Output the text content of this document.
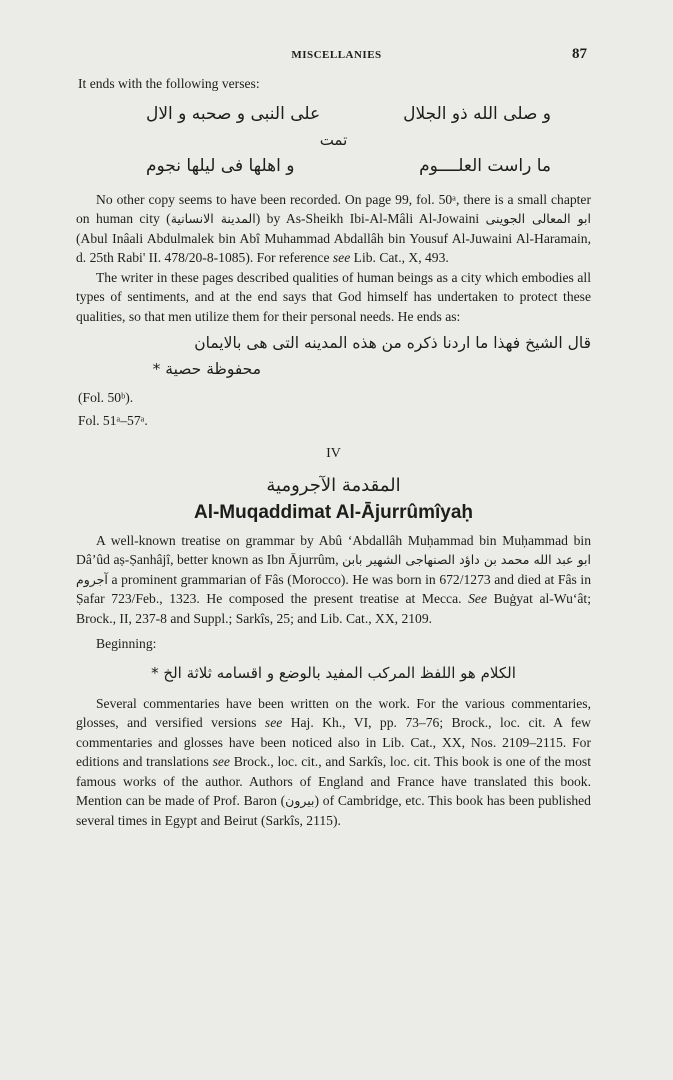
MISCELLANIES	87

It ends with the following verses:

و صلى الله ذو الجلال
على النبى و صحبه و الال
تمت
ما راست العلــــوم
و اهلها فى ليلها نجوم

No other copy seems to have been recorded. On page 99, fol. 50ᵃ, there is a small chapter on human city (المدينة الانسانية) by As-Sheikh Ibi-Al-Mâli Al-Jowaini ابو المعالى الجوينى (Abul Inâali Abdulmalek bin Abî Muhammad Abdallâh bin Yousuf Al-Juwaini Al-Haramain, d. 25th Rabi' II. 478/20-8-1085). For reference see Lib. Cat., X, 493.

The writer in these pages described qualities of human beings as a city which embodies all types of sentiments, and at the end says that God himself has undertaken to protect these qualities, so that men utilize them for their personal needs. He ends as:

قال الشيخ فهذا ما اردنا ذكره من هذه المدينه التى هى بالايمان
محفوظة حصية *

(Fol. 50ᵇ).

Fol. 51ᵃ–57ᵃ.

IV
المقدمة الآجرومية
Al-Muqaddimat Al-Ājurrûmîyaḥ

A well-known treatise on grammar by Abû ‘Abdallâh Muḥammad bin Muḥammad bin Dâ’ûd aṣ-Ṣanhâjî, better known as Ibn Ājurrûm, ابو عبد الله محمد بن داؤد الصنهاجى الشهير بابن آجروم a prominent grammarian of Fâs (Morocco). He was born in 672/1273 and died at Fâs in Ṣafar 723/Feb., 1323. He composed the present treatise at Mecca. See Buġyat al-Wu‘ât; Brock., II, 237-8 and Suppl.; Sarkîs, 25; and Lib. Cat., XX, 2109.

Beginning:

الكلام هو اللفظ المركب المفيد بالوضع و اقسامه ثلاثة الخ *

Several commentaries have been written on the work. For the various commentaries, glosses, and versified versions see Haj. Kh., VI, pp. 73–76; Brock., loc. cit. A few commentaries and glosses have been noticed also in Lib. Cat., XX, Nos. 2109–2115. For editions and translations see Brock., loc. cit., and Sarkîs, loc. cit. This book is one of the most famous works of the author. Authors of England and France have translated this book. Mention can be made of Prof. Baron (بيرون) of Cambridge, etc. This book has been published several times in Egypt and Beirut (Sarkîs, 2115).
